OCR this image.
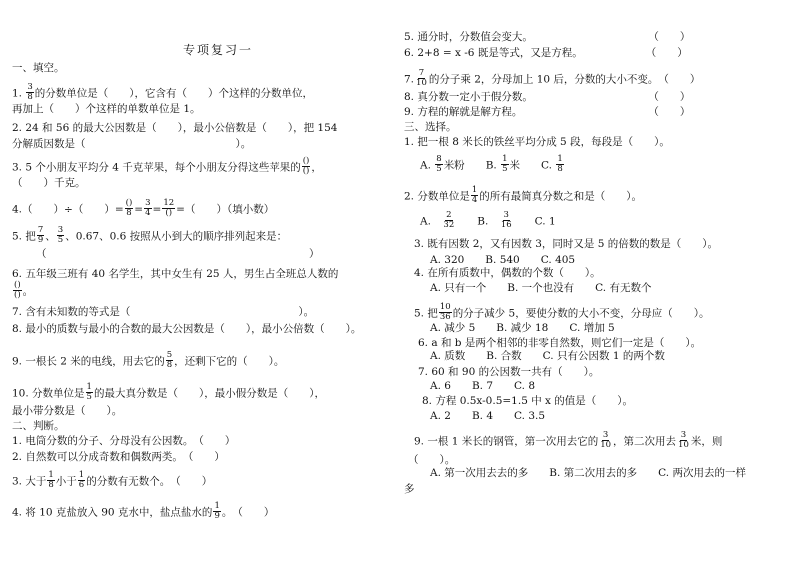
专项复习一
一、填空。
1. $\frac{3}{8}$ 的分数单位是（　　），它含有（　　）个这样的分数单位，
再加上（　　）个这样的单数单位是 1。
2. 24 和 56 的最大公因数是（　　），最小公倍数是（　　），把 154
分解质因数是（	）。
3. 5 个小朋友平均分 4 千克苹果，每个小朋友分得这些苹果的
()
() ，
（　　）千克。
4.（　　）÷（　　）=
()
$8 = \frac{3}{4}$ =
12
() =（　　）（填小数）
5. 把 $\frac{7}{9}$ 、 $\frac{3}{5}$ 、0.67、0.6 按照从小到大的顺序排列起来是：
（　　　　　　　　　　　　　　　　　　　　　　　　　）
6. 五年级三班有 40 名学生，其中女生有 25 人，男生占全班总人数的
()
() 。
7. 含有未知数的等式是（　　　　　　　　　　　　　　　　）。
8. 最小的质数与最小的合数的最大公因数是（　　），最小公倍数（　　）。
9. 一根长 2 米的电线，用去它的 $\frac{5}{8}$ ，还剩下它的（　　）。
10. 分数单位是 $\frac{1}{5}$ 的最大真分数是（　　），最小假分数是（　　），
最小带分数是（　　）。
二、判断。
1. 电筒分数的分子、分母没有公因数。　（　　）
2. 自然数可以分成奇数和偶数两类。　（　　）
3. 大于 $\frac{1}{8}$ 小于 $\frac{1}{6}$ 的分数有无数个。　（　　）
4. 将 10 克盐放入 90 克水中，盐点盐水的 $\frac{1}{9}$ 。　（　　）
5. 通分时，分数值会变大。　　　　　　　　　　　　（　　）
6. 2+8 = x -6 既是等式，又是方程。　　　　　　　（　　）
7. $\frac{7}{10}$ 的分子乘 2，分母加上 10 后，分数的大小不变。　（　　）
8. 真分数一定小于假分数。　　　　　　　　　　　　（　　）
9. 方程的解就是解方程。　　　　　　　　　　　　　（　　）
三、选择。
1. 把一根 8 米长的铁丝平均分成 5 段，每段是（　　）。
A. $\frac{8}{5}$ 米粉　　 B. $\frac{1}{5}$ 米　　 C. $\frac{1}{8}$
2. 分数单位是 $\frac{1}{4}$ 的所有最简真分数之和是（　　）。
A.　 $\frac{2}{32}$
　　 B.　 $\frac{3}{16}$
　　 C. 1
3. 既有因数 2，又有因数 3，同时又是 5 的倍数的数是（　　）。
A. 320　　B. 540　　C. 405
4. 在所有质数中，偶数的个数（　　）。
A. 只有一个　　B. 一个也没有　　C. 有无数个
5. 把 $\frac{10}{36}$ 的分子减少 5，要使分数的大小不变，分母应（　　）。
A. 减少 5　　B. 减少 18　　C. 增加 5
6. a 和 b 是两个相邻的非零自然数，则它们一定是（　　）。
A. 质数　　B. 合数　　C. 只有公因数 1 的两个数
7. 60 和 90 的公因数一共有（　　）。
A. 6　　B. 7　　C. 8
8. 方程 0.5x-0.5=1.5 中 x 的值是（　　）。
A. 2　　B. 4　　C. 3.5
9. 一根 1 米长的钢管，第一次用去它的 $\frac{3}{10}$ ，第二次用去 $\frac{3}{10}$ 米，则
（　　）。
A. 第一次用去去的多　　B. 第二次用去的多　　C. 两次用去的一样
多
